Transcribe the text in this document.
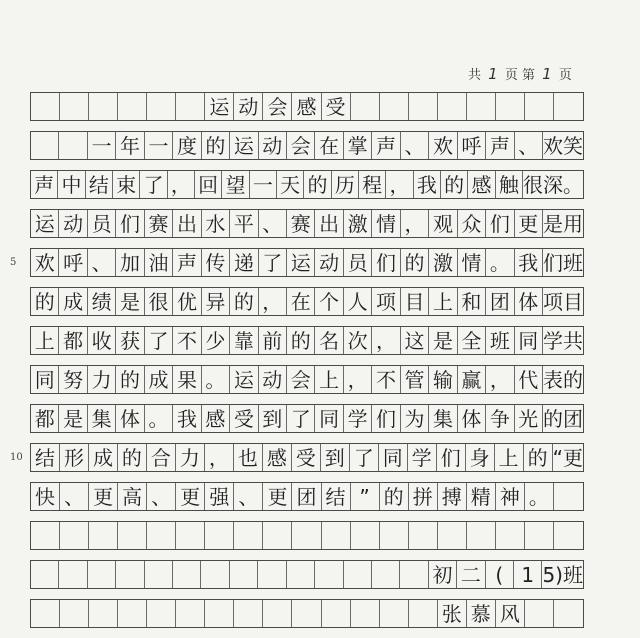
共 1 页 第 1 页
运 动 会 感 受
一 年 一 度 的 运 动 会 在 掌 声 、 欢 呼 声 、 欢笑
声 中 结 束 了 ， 回 望 一 天 的 历 程 ， 我 的 感 触 很深。
运 动 员 们 赛 出 水 平 、 赛 出 激 情 ， 观 众 们 更 是用
欢 呼 、 加 油 声 传 递 了 运 动 员 们 的 激 情 。 我 们班
的 成 绩 是 很 优 异 的 ， 在 个 人 项 目 上 和 团 体 项目
上 都 收 获 了 不 少 靠 前 的 名 次 ， 这 是 全 班 同 学共
同 努 力 的 成 果 。 运 动 会 上 ， 不 管 输 赢 ， 代 表的
都 是 集 体 。 我 感 受 到 了 同 学 们 为 集 体 争 光 的团
结 形 成 的 合 力 ， 也 感 受 到 了 同 学 们 身 上 的 “更
快 、 更 高 、 更 强 、 更 团 结 ” 的 拼 搏 精 神 。
初 二 ( 1 5)班
张 慕 风
5
10
